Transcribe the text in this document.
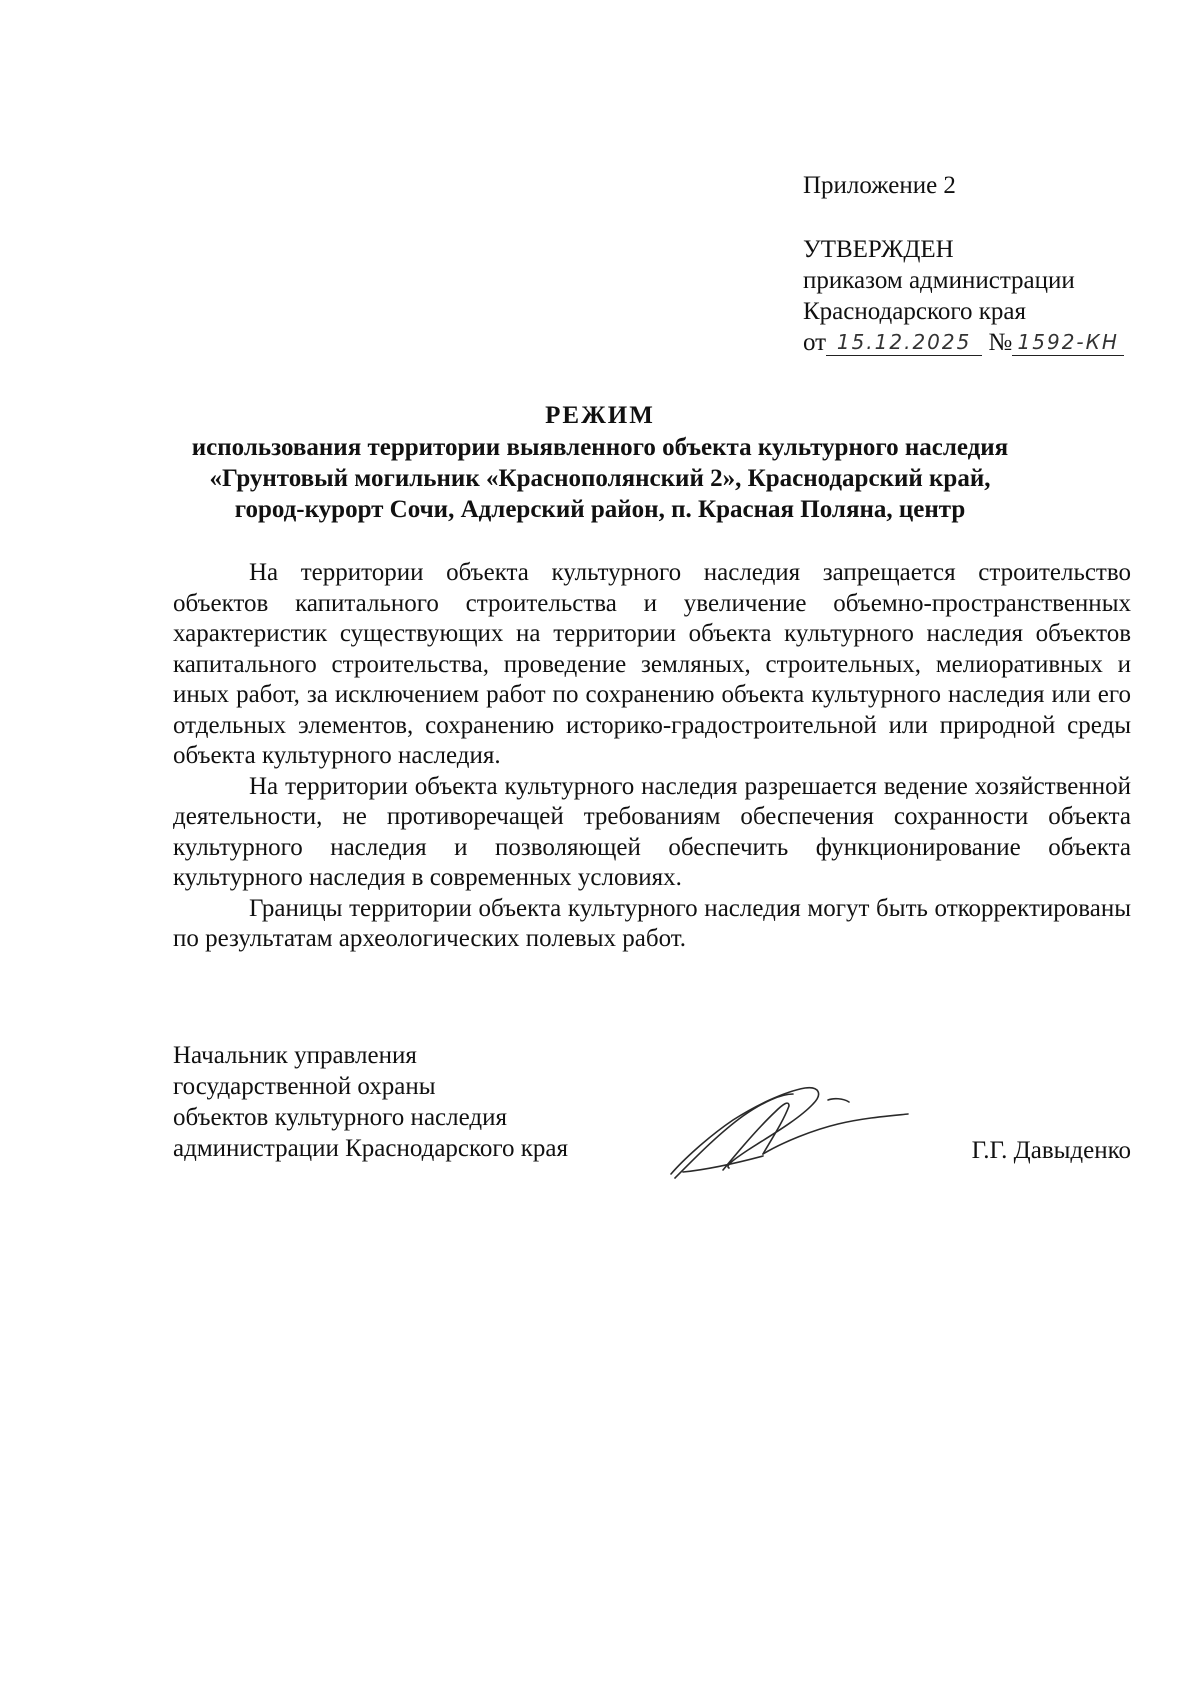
Приложение 2
УТВЕРЖДЕН
приказом администрации
Краснодарского края
от 15.12.2025 № 1592-КН
РЕЖИМ
использования территории выявленного объекта культурного наследия
«Грунтовый могильник «Краснополянский 2», Краснодарский край,
город-курорт Сочи, Адлерский район, п. Красная Поляна, центр

На территории объекта культурного наследия запрещается строительство объектов капитального строительства и увеличение объемно-пространственных характеристик существующих на территории объекта культурного наследия объектов капитального строительства, проведение земляных, строительных, мелиоративных и иных работ, за исключением работ по сохранению объекта культурного наследия или его отдельных элементов, сохранению историко-градостроительной или природной среды объекта культурного наследия.

На территории объекта культурного наследия разрешается ведение хозяйственной деятельности, не противоречащей требованиям обеспечения сохранности объекта культурного наследия и позволяющей обеспечить функционирование объекта культурного наследия в современных условиях.

Границы территории объекта культурного наследия могут быть откорректированы по результатам археологических полевых работ.

Начальник управления
государственной охраны
объектов культурного наследия
администрации Краснодарского края	Г.Г. Давыденко
